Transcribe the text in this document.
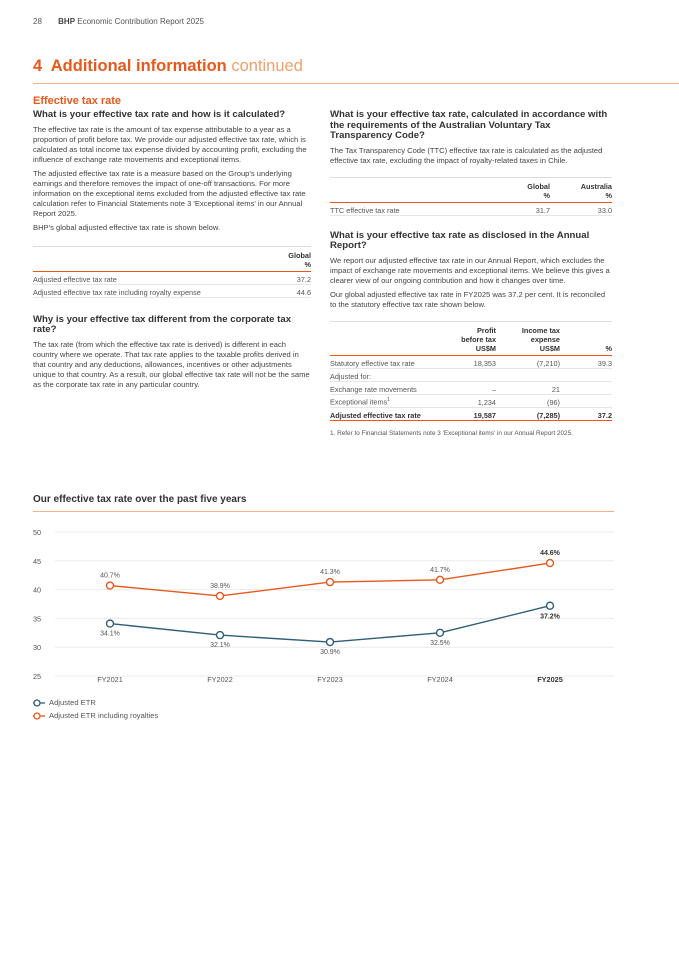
28 BHP Economic Contribution Report 2025
4 Additional information continued
Effective tax rate
What is your effective tax rate and how is it calculated?

The effective tax rate is the amount of tax expense attributable to a year as a proportion of profit before tax. We provide our adjusted effective tax rate, which is calculated as total income tax expense divided by accounting profit, excluding the influence of exchange rate movements and exceptional items.

The adjusted effective tax rate is a measure based on the Group's underlying earnings and therefore removes the impact of one-off transactions. For more information on the exceptional items excluded from the adjusted effective tax rate calculation refer to Financial Statements note 3 'Exceptional items' in our Annual Report 2025.

BHP's global adjusted effective tax rate is shown below.

	Global
%
Adjusted effective tax rate	37.2
Adjusted effective tax rate including royalty expense	44.6
Why is your effective tax different from the corporate tax rate?

The tax rate (from which the effective tax rate is derived) is different in each country where we operate. That tax rate applies to the taxable profits derived in that country and any deductions, allowances, incentives or other adjustments unique to that country. As a result, our global effective tax rate will not be the same as the corporate tax rate in any particular country.

What is your effective tax rate, calculated in accordance with the requirements of the Australian Voluntary Tax Transparency Code?

The Tax Transparency Code (TTC) effective tax rate is calculated as the adjusted effective tax rate, excluding the impact of royalty-related taxes in Chile.

	Global
%	Australia
%
TTC effective tax rate	31.7	33.0
What is your effective tax rate as disclosed in the Annual Report?

We report our adjusted effective tax rate in our Annual Report, which excludes the impact of exchange rate movements and exceptional items. We believe this gives a clearer view of our ongoing contribution and how it changes over time.

Our global adjusted effective tax rate in FY2025 was 37.2 per cent. It is reconciled to the statutory effective tax rate shown below.

	Profit
before tax
US$M	Income tax
expense
US$M	%
Statutory effective tax rate	18,353	(7,210)	39.3
Adjusted for:			
Exchange rate movements	–	21	
Exceptional items$^1$	1,234	(96)	
Adjusted effective tax rate	19,587	(7,285)	37.2
1. Refer to Financial Statements note 3 'Exceptional items' in our Annual Report 2025.
Our effective tax rate over the past five years
25
30
35
40
45
50
FY2021	FY2022	FY2023	FY2024	FY2025
34.1%
32.1%
30.9%
32.5%
37.2%
40.7%
38.9%
41.3%	41.7%
44.6%
Adjusted ETR
Adjusted ETR including royalties
